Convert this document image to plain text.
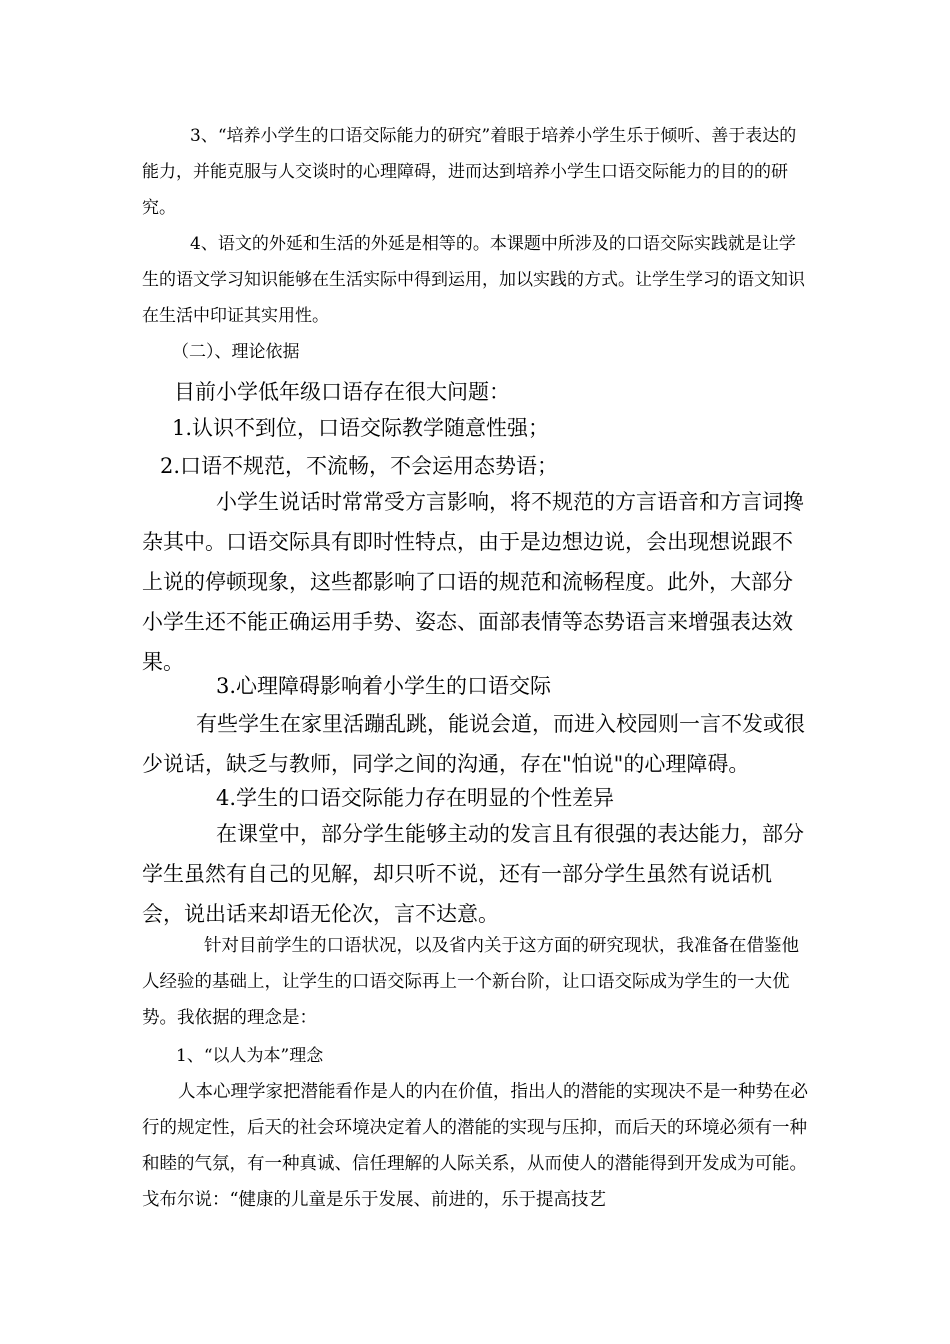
3、“培养小学生的口语交际能力的研究”着眼于培养小学生乐于倾听、善于表达的能力，并能克服与人交谈时的心理障碍，进而达到培养小学生口语交际能力的目的的研究。

4、语文的外延和生活的外延是相等的。本课题中所涉及的口语交际实践就是让学生的语文学习知识能够在生活实际中得到运用，加以实践的方式。让学生学习的语文知识在生活中印证其实用性。

（二）、理论依据

目前小学低年级口语存在很大问题：

1.认识不到位，口语交际教学随意性强；

2.口语不规范，不流畅，不会运用态势语；

小学生说话时常常受方言影响，将不规范的方言语音和方言词搀杂其中。口语交际具有即时性特点，由于是边想边说，会出现想说跟不上说的停顿现象，这些都影响了口语的规范和流畅程度。此外，大部分小学生还不能正确运用手势、姿态、面部表情等态势语言来增强表达效果。

3.心理障碍影响着小学生的口语交际

有些学生在家里活蹦乱跳，能说会道，而进入校园则一言不发或很少说话，缺乏与教师，同学之间的沟通，存在"怕说"的心理障碍。

4.学生的口语交际能力存在明显的个性差异

在课堂中，部分学生能够主动的发言且有很强的表达能力，部分学生虽然有自己的见解，却只听不说，还有一部分学生虽然有说话机会，说出话来却语无伦次，言不达意。

针对目前学生的口语状况，以及省内关于这方面的研究现状，我准备在借鉴他人经验的基础上，让学生的口语交际再上一个新台阶，让口语交际成为学生的一大优势。我依据的理念是：

1、“以人为本”理念

人本心理学家把潜能看作是人的内在价值，指出人的潜能的实现决不是一种势在必行的规定性，后天的社会环境决定着人的潜能的实现与压抑，而后天的环境必须有一种和睦的气氛，有一种真诚、信任理解的人际关系，从而使人的潜能得到开发成为可能。戈布尔说：“健康的儿童是乐于发展、前进的，乐于提高技艺
